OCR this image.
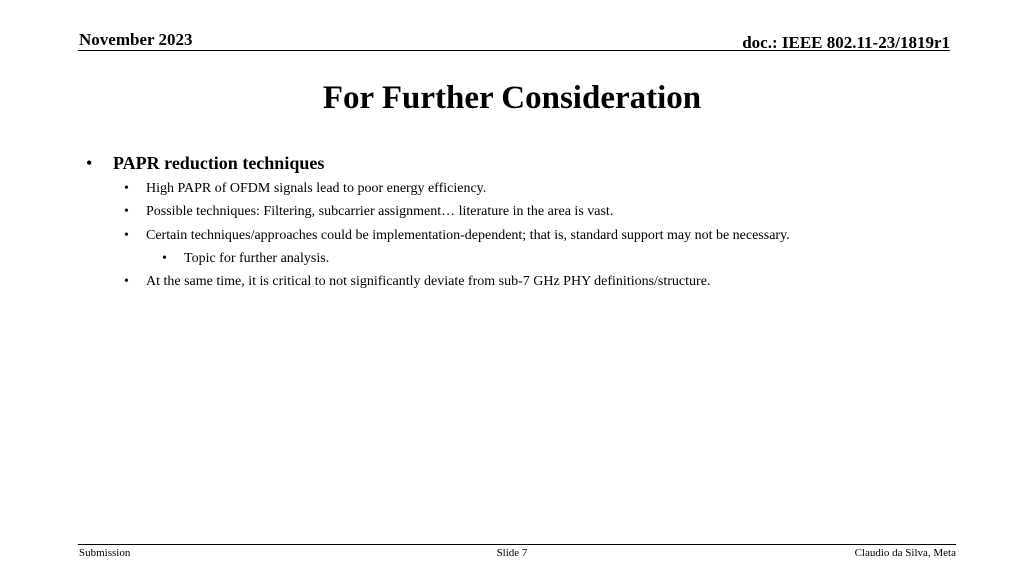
November 2023	doc.: IEEE 802.11-23/1819r1
For Further Consideration
•	PAPR reduction techniques
•	High PAPR of OFDM signals lead to poor energy efficiency.
•	Possible techniques: Filtering, subcarrier assignment… literature in the area is vast.
•	Certain techniques/approaches could be implementation-dependent; that is, standard support may not be necessary.
•	Topic for further analysis.
•	At the same time, it is critical to not significantly deviate from sub-7 GHz PHY definitions/structure.
Submission	Slide 7	Claudio da Silva, Meta
